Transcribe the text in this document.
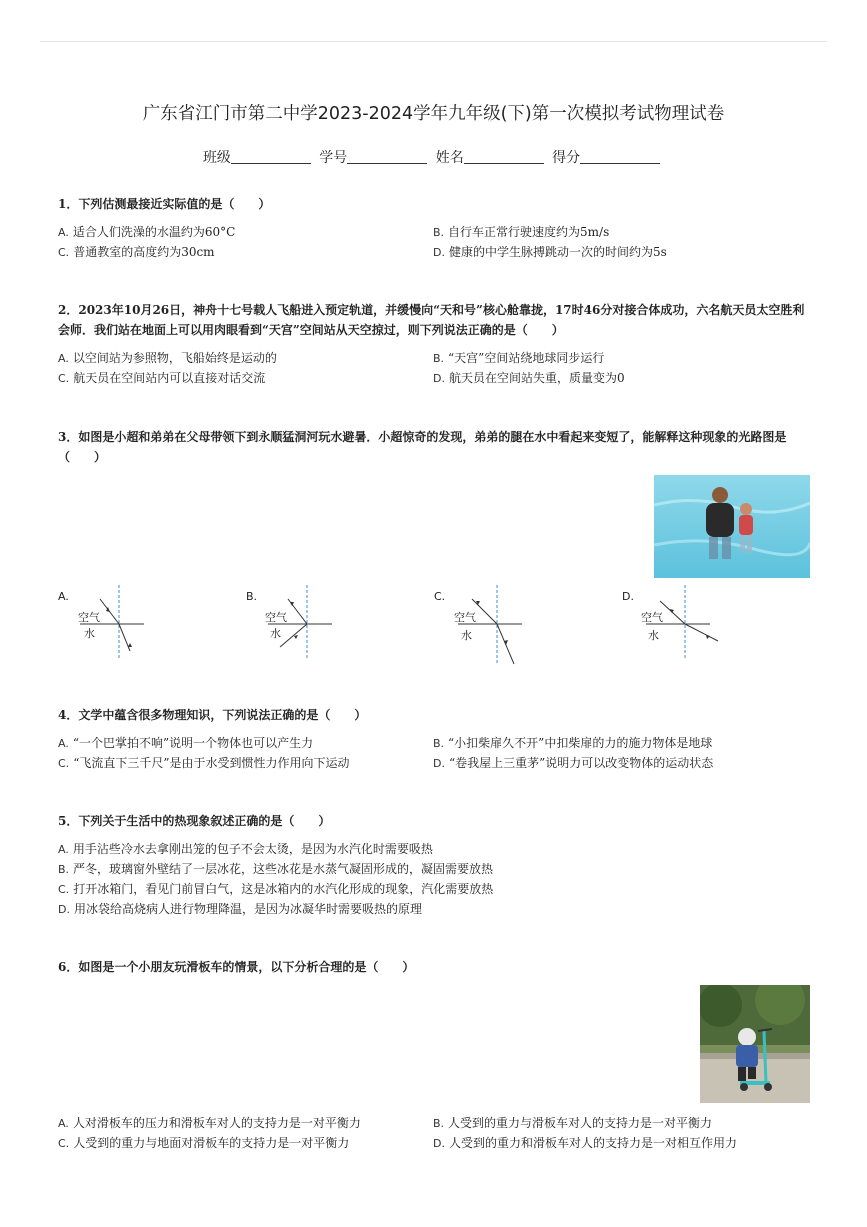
广东省江门市第二中学2023-2024学年九年级(下)第一次模拟考试物理试卷
班级	学号	姓名	得分
1．下列估测最接近实际值的是（　　）
A. 适合人们洗澡的水温约为60°C	B. 自行车正常行驶速度约为5m/s
C. 普通教室的高度约为30cm	D. 健康的中学生脉搏跳动一次的时间约为5s
2．2023年10月26日，神舟十七号载人飞船进入预定轨道，并缓慢向“天和号”核心舱靠拢，17时46分对接合体成功，六名航天员太空胜利会师．我们站在地面上可以用肉眼看到“天宫”空间站从天空掠过，则下列说法正确的是（　　）
A. 以空间站为参照物，飞船始终是运动的	B. “天宫”空间站绕地球同步运行
C. 航天员在空间站内可以直接对话交流	D. 航天员在空间站失重，质量变为0
3．如图是小超和弟弟在父母带领下到永顺猛洞河玩水避暑．小超惊奇的发现，弟弟的腿在水中看起来变短了，能解释这种现象的光路图是（　　）
A.
空气
水
B.
空气
水
C.
空气
水
D.
空气
水
4．文学中蕴含很多物理知识，下列说法正确的是（　　）
A. “一个巴掌拍不响”说明一个物体也可以产生力	B. “小扣柴扉久不开”中扣柴扉的力的施力物体是地球
C. “飞流直下三千尺”是由于水受到惯性力作用向下运动	D. “卷我屋上三重茅”说明力可以改变物体的运动状态
5．下列关于生活中的热现象叙述正确的是（　　）
A. 用手沾些冷水去拿刚出笼的包子不会太烫，是因为水汽化时需要吸热
B. 严冬，玻璃窗外壁结了一层冰花，这些冰花是水蒸气凝固形成的，凝固需要放热
C. 打开冰箱门，看见门前冒白气，这是冰箱内的水汽化形成的现象，汽化需要放热
D. 用冰袋给高烧病人进行物理降温，是因为冰凝华时需要吸热的原理
6．如图是一个小朋友玩滑板车的情景，以下分析合理的是（　　）
A. 人对滑板车的压力和滑板车对人的支持力是一对平衡力	B. 人受到的重力与滑板车对人的支持力是一对平衡力
C. 人受到的重力与地面对滑板车的支持力是一对平衡力	D. 人受到的重力和滑板车对人的支持力是一对相互作用力
